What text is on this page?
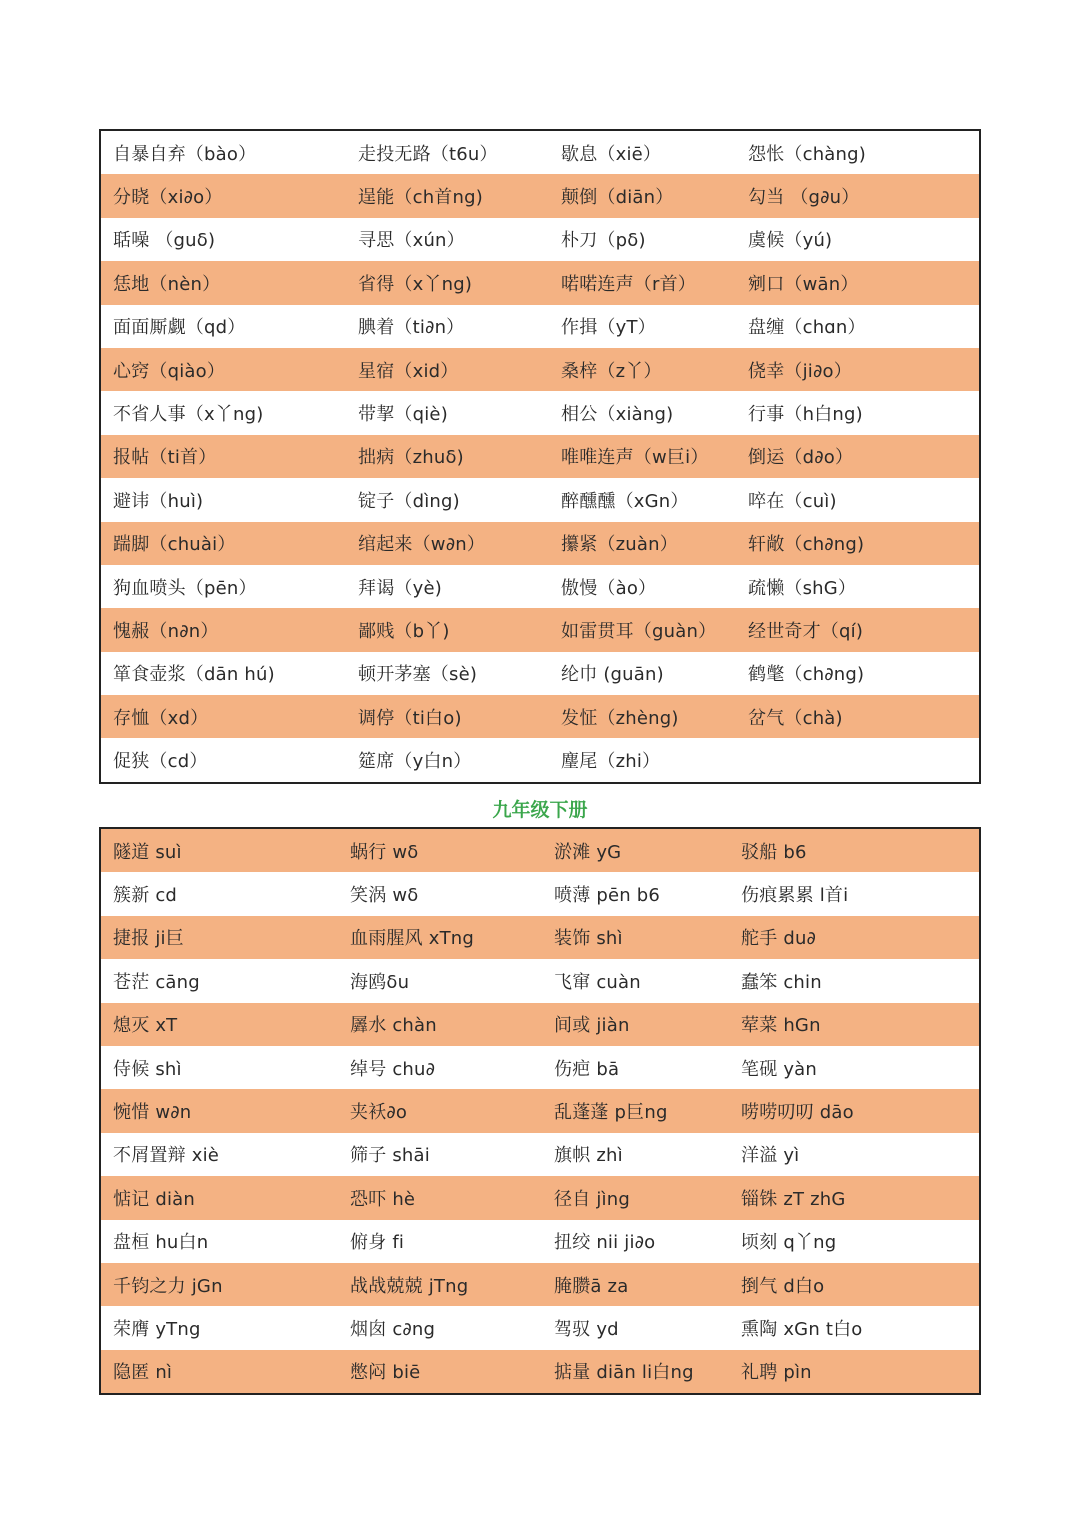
自暴自弃（bào）	走投无路（t6u）	歇息（xiē）	怨怅（chàng)
分晓（xi∂o）	逞能（ch首ng)	颠倒（diān）	勾当 （g∂u）
聒噪 （guδ)	寻思（xún）	朴刀（pδ)	虞候（yú)
恁地（nèn）	省得（x丫ng)	喏喏连声（r首）	剜口（wān）
面面厮觑（qd）	腆着（ti∂n）	作揖（yT）	盘缠（chɑn）
心窍（qiào）	星宿（xid）	桑梓（z丫）	侥幸（ji∂o）
不省人事（x丫ng)	带挈（qiè)	相公（xiàng)	行事（h白ng)
报帖（ti首）	拙病（zhuδ)	唯唯连声（w巨i）	倒运（d∂o）
避讳（huì)	锭子（dìng)	醉醺醺（xGn）	啐在（cuì)
踹脚（chuài）	绾起来（w∂n）	攥紧（zuàn）	轩敞（ch∂ng)
狗血喷头（pēn）	拜谒（yè)	傲慢（ào）	疏懒（shG）
愧赧（n∂n）	鄙贱（b丫)	如雷贯耳（guàn）	经世奇才（qí)
箪食壶浆（dān hú)	顿开茅塞（sè)	纶巾 (guān)	鹤氅（ch∂ng)
存恤（xd）	调停（ti白o)	发怔（zhèng)	岔气（chà)
促狭（cd）	筵席（y白n）	麈尾（zhi）
九年级下册
隧道 suì	蜗行 wδ	淤滩 yG	驳船 b6
簇新 cd	笑涡 wδ	喷薄 pēn b6	伤痕累累 l首i
捷报 ji巨	血雨腥风 xTng	装饰 shì	舵手 du∂
苍茫 cāng	海鸥δu	飞窜 cuàn	蠢笨 chin
熄灭 xT	羼水 chàn	间或 jiàn	荤菜 hGn
侍候 shì	绰号 chu∂	伤疤 bā	笔砚 yàn
惋惜 w∂n	夹袄∂o	乱蓬蓬 p巨ng	唠唠叨叨 dāo
不屑置辩 xiè	筛子 shāi	旗帜 zhì	洋溢 yì
惦记 diàn	恐吓 hè	径自 jìng	锱铢 zT zhG
盘桓 hu白n	俯身 fi	扭绞 nii ji∂o	顷刻 q丫ng
千钧之力 jGn	战战兢兢 jTng	腌臜ā za	捯气 d白o
荣膺 yTng	烟囱 c∂ng	驾驭 yd	熏陶 xGn t白o
隐匿 nì	憋闷 biē	掂量 diān li白ng	礼聘 pìn
